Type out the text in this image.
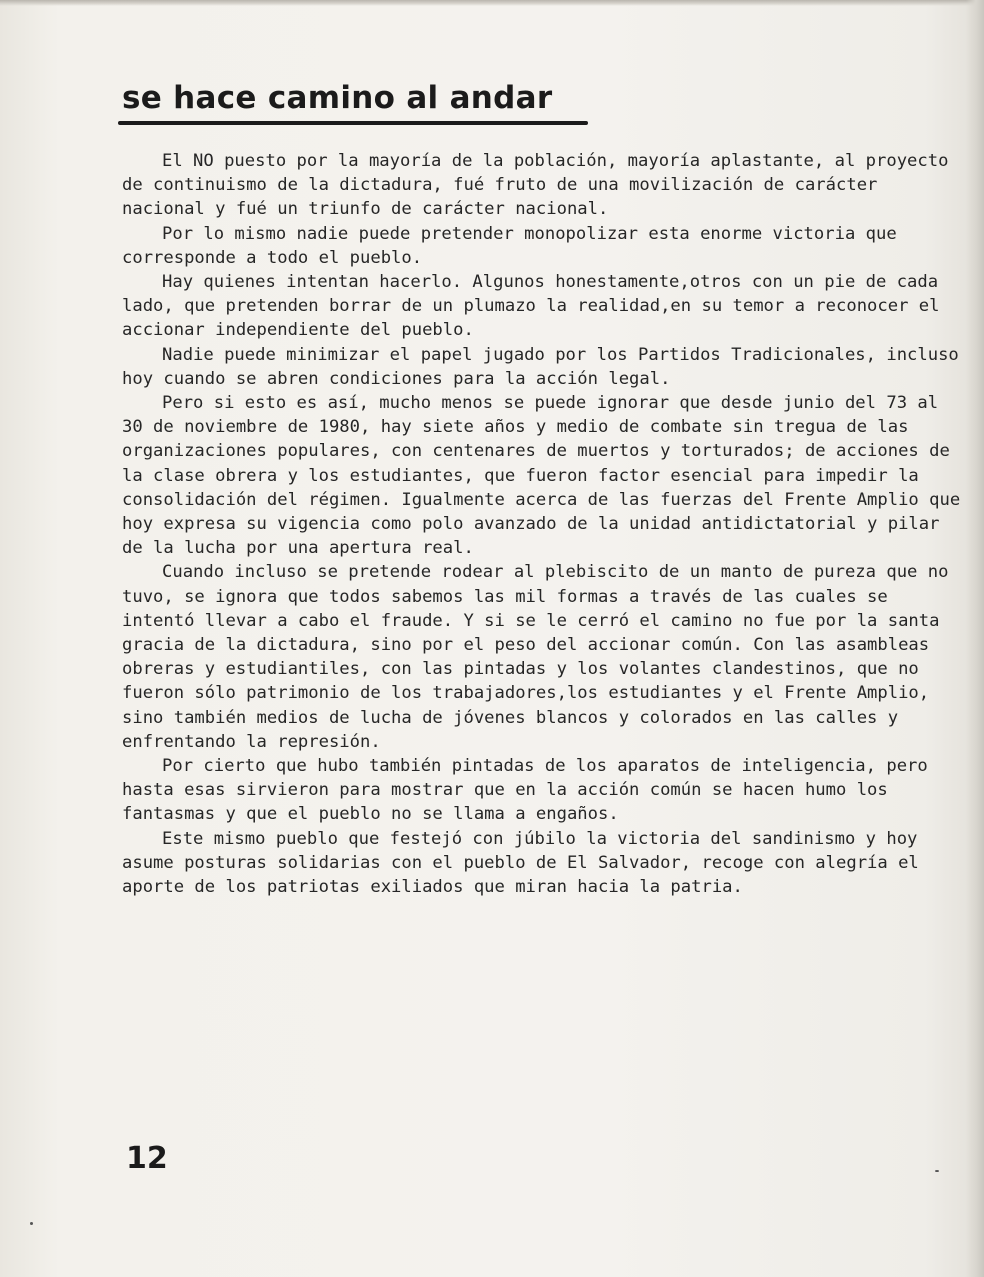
se hace camino al andar

El NO puesto por la mayoría de la población, mayoría aplastante, al proyecto de continuismo de la dictadura, fué fruto de una movilización de carácter nacional y fué un triunfo de carácter nacional.

Por lo mismo nadie puede pretender monopolizar esta enorme victoria que corresponde a todo el pueblo.

Hay quienes intentan hacerlo. Algunos honestamente,otros con un pie de cada lado, que pretenden borrar de un plumazo la realidad,en su temor a reconocer el accionar independiente del pueblo.

Nadie puede minimizar el papel jugado por los Partidos Tradicionales, incluso hoy cuando se abren condiciones para la acción legal.

Pero si esto es así, mucho menos se puede ignorar que desde junio del 73 al 30 de noviembre de 1980, hay siete años y medio de combate sin tregua de las organizaciones populares, con centenares de muertos y torturados; de acciones de la clase obrera y los estudiantes, que fueron factor esencial para impedir la consolidación del régimen. Igualmente acerca de las fuerzas del Frente Amplio que hoy expresa su vigencia como polo avanzado de la unidad antidictatorial y pilar de la lucha por una apertura real.

Cuando incluso se pretende rodear al plebiscito de un manto de pureza que no tuvo, se ignora que todos sabemos las mil formas a través de las cuales se intentó llevar a cabo el fraude. Y si se le cerró el camino no fue por la santa gracia de la dictadura, sino por el peso del accionar común. Con las asambleas obreras y estudiantiles, con las pintadas y los volantes clandestinos, que no fueron sólo patrimonio de los trabajadores,los estudiantes y el Frente Amplio, sino también medios de lucha de jóvenes blancos y colorados en las calles y enfrentando la represión.

Por cierto que hubo también pintadas de los aparatos de inteligencia, pero hasta esas sirvieron para mostrar que en la acción común se hacen humo los fantasmas y que el pueblo no se llama a engaños.

Este mismo pueblo que festejó con júbilo la victoria del sandinismo y hoy asume posturas solidarias con el pueblo de El Salvador, recoge con alegría el aporte de los patriotas exiliados que miran hacia la patria.

12
